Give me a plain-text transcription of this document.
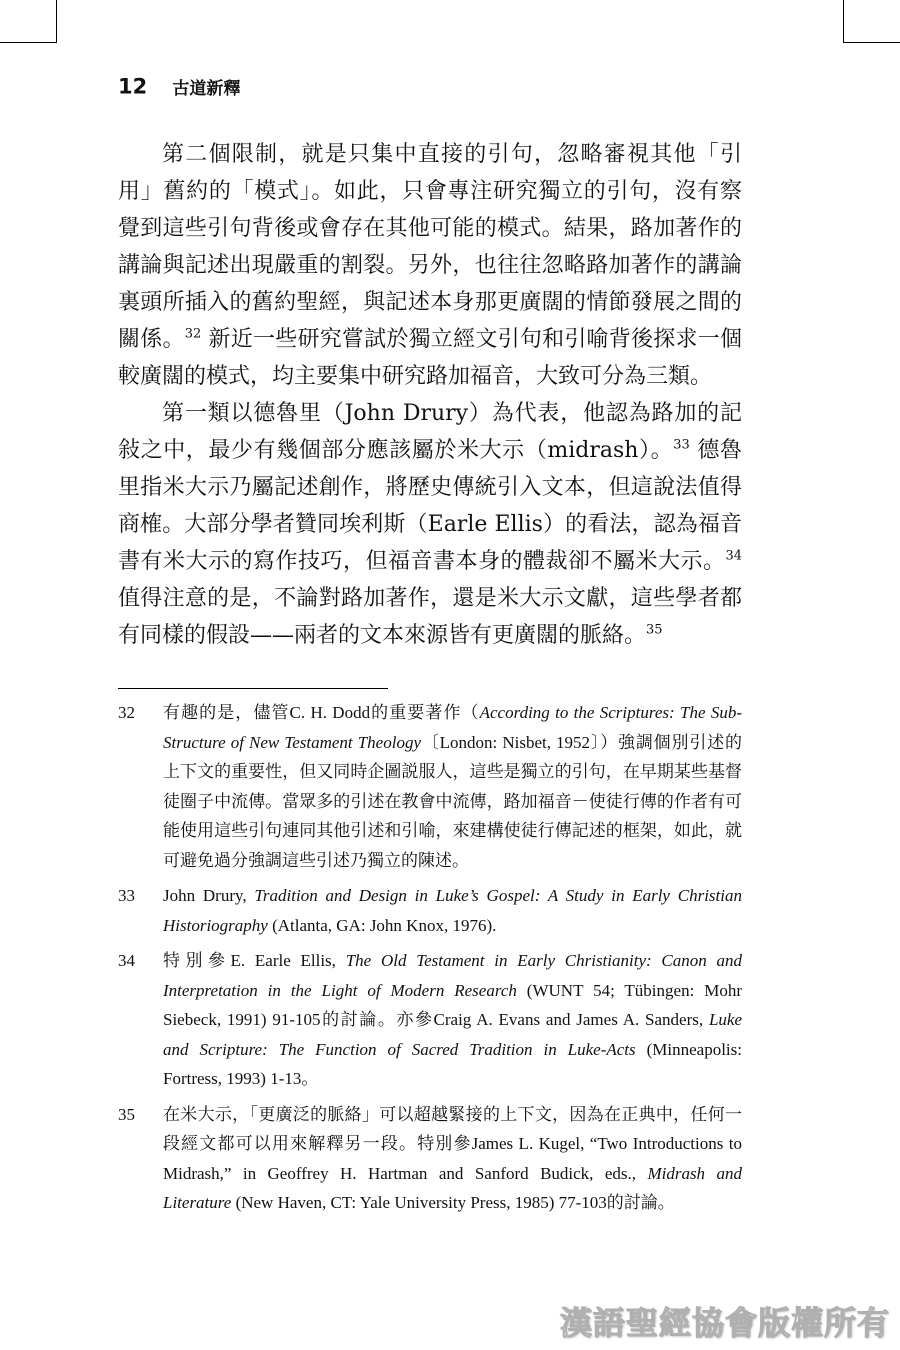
12 古道新釋

第二個限制，就是只集中直接的引句，忽略審視其他「引用」舊約的「模式」。如此，只會專注研究獨立的引句，沒有察覺到這些引句背後或會存在其他可能的模式。結果，路加著作的講論與記述出現嚴重的割裂。另外，也往往忽略路加著作的講論裏頭所插入的舊約聖經，與記述本身那更廣闊的情節發展之間的關係。$^{32}$ 新近一些研究嘗試於獨立經文引句和引喻背後探求一個較廣闊的模式，均主要集中研究路加福音，大致可分為三類。

第一類以德魯里（John Drury）為代表，他認為路加的記敍之中，最少有幾個部分應該屬於米大示（midrash）。$^{33}$ 德魯里指米大示乃屬記述創作，將歷史傳統引入文本，但這說法值得商榷。大部分學者贊同埃利斯（Earle Ellis）的看法，認為福音書有米大示的寫作技巧，但福音書本身的體裁卻不屬米大示。$^{34}$ 值得注意的是，不論對路加著作，還是米大示文獻，這些學者都有同樣的假設——兩者的文本來源皆有更廣闊的脈絡。$^{35}$

32	有趣的是，儘管C. H. Dodd的重要著作（According to the Scriptures: The Sub-Structure of New Testament Theology〔London: Nisbet, 1952〕）強調個別引述的上下文的重要性，但又同時企圖説服人，這些是獨立的引句，在早期某些基督徒圈子中流傳。當眾多的引述在教會中流傳，路加福音－使徒行傳的作者有可能使用這些引句連同其他引述和引喻，來建構使徒行傳記述的框架，如此，就可避免過分強調這些引述乃獨立的陳述。
33	John Drury, Tradition and Design in Luke’s Gospel: A Study in Early Christian Historiography (Atlanta, GA: John Knox, 1976).
34	特別參E. Earle Ellis, The Old Testament in Early Christianity: Canon and Interpretation in the Light of Modern Research (WUNT 54; Tübingen: Mohr Siebeck, 1991) 91-105的討論。亦參Craig A. Evans and James A. Sanders, Luke and Scripture: The Function of Sacred Tradition in Luke-Acts (Minneapolis: Fortress, 1993) 1-13。
35	在米大示，「更廣泛的脈絡」可以超越緊接的上下文，因為在正典中，任何一段經文都可以用來解釋另一段。特別參James L. Kugel, “Two Introductions to Midrash,” in Geoffrey H. Hartman and Sanford Budick, eds., Midrash and Literature (New Haven, CT: Yale University Press, 1985) 77-103的討論。
漢語聖經協會版權所有
